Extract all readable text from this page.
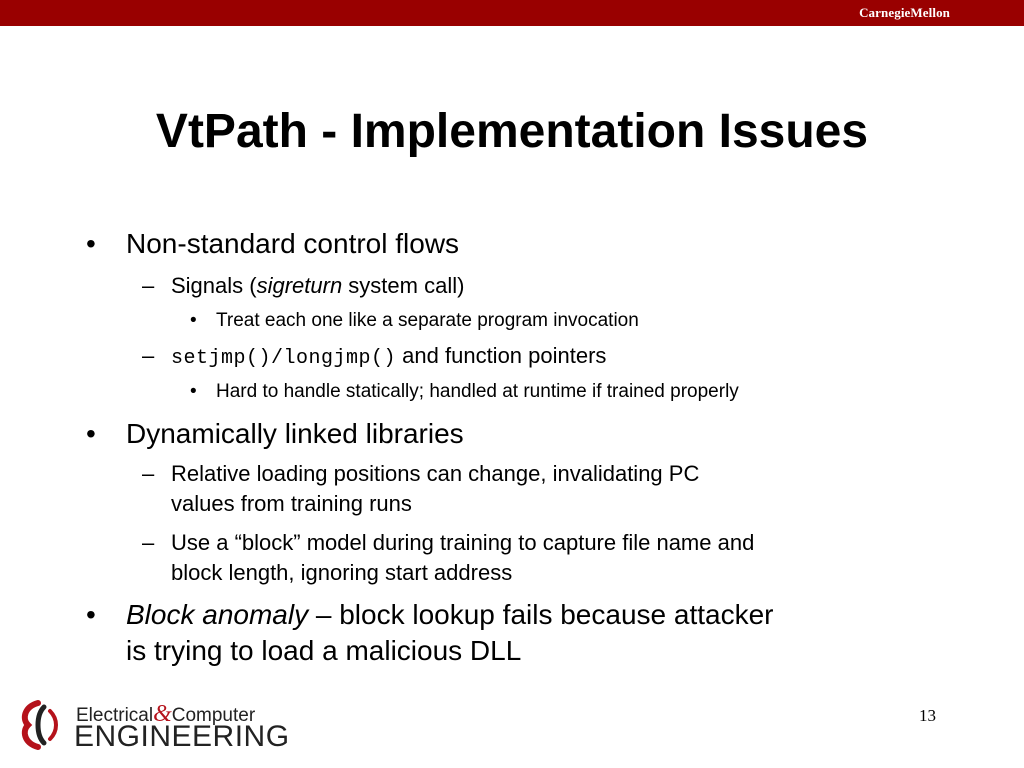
CarnegieMellon
VtPath - Implementation Issues
• Non-standard control flows
– Signals (sigreturn system call)
• Treat each one like a separate program invocation
– setjmp()/longjmp() and function pointers
• Hard to handle statically; handled at runtime if trained properly
• Dynamically linked libraries
– Relative loading positions can change, invalidating PC
values from training runs
– Use a “block” model during training to capture file name and
block length, ignoring start address
• Block anomaly – block lookup fails because attacker
is trying to load a malicious DLL
Electrical&Computer
ENGINEERING
13
